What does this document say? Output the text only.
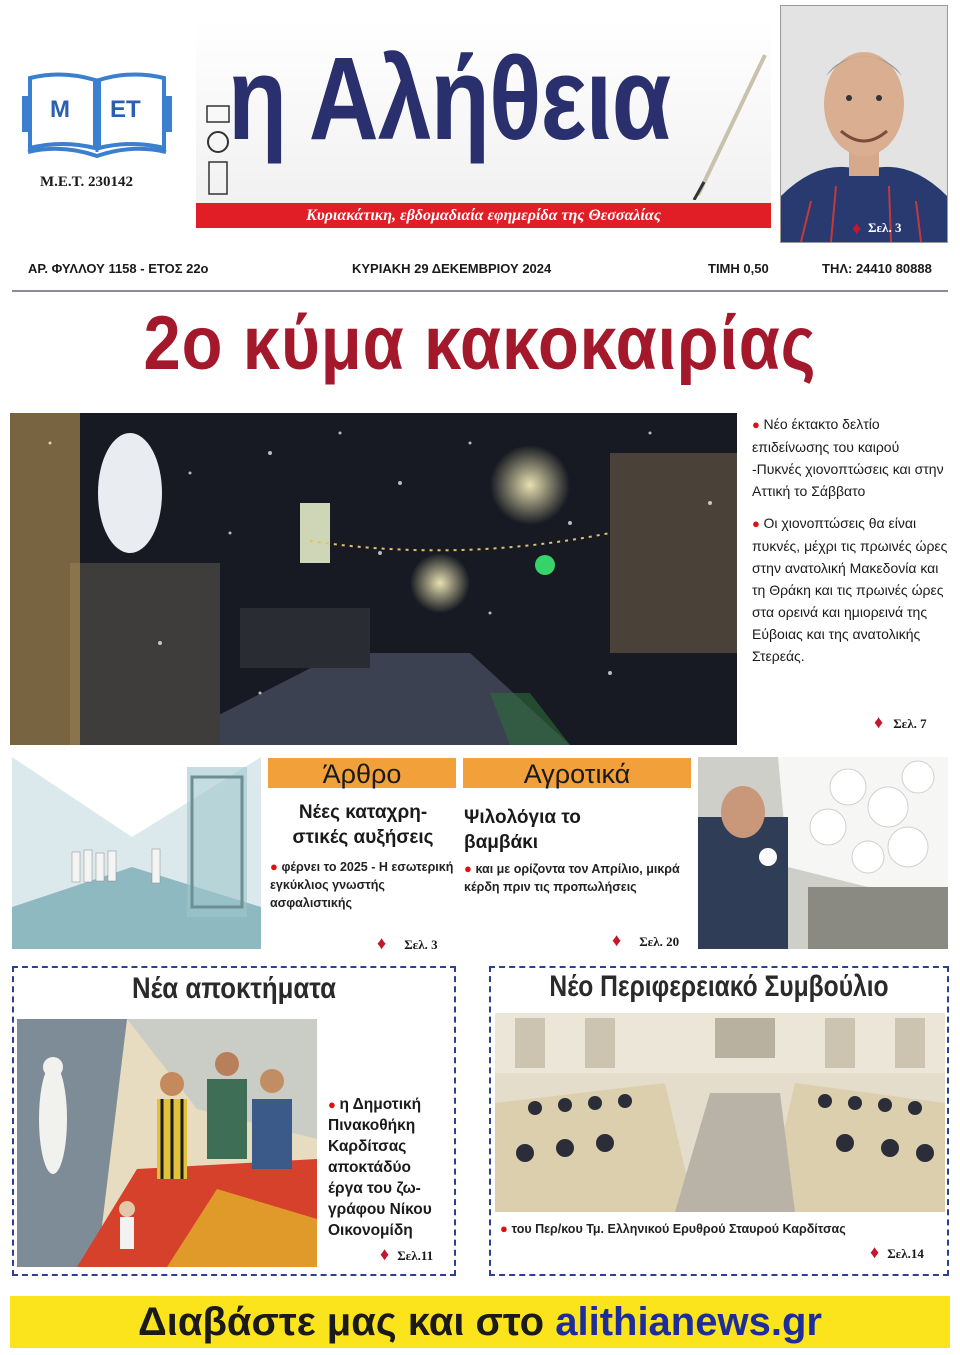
M ET
Μ.Ε.Τ. 230142
η Αλήθεια
Κυριακάτικη, εβδομαδιαία εφημερίδα της Θεσσαλίας
♦ Σελ. 3
ΑΡ. ΦΥΛΛΟΥ 1158 - ΕΤΟΣ 22ο	ΚΥΡΙΑΚΗ 29 ΔΕΚΕΜΒΡΙΟΥ 2024	ΤΙΜΗ 0,50	ΤΗΛ: 24410 80888
2ο κύμα κακοκαιρίας

● Νέο έκτακτο δελτίο επιδείνωσης του καιρού -Πυκνές χιονοπτώσεις και στην Αττική το Σάββατο

● Οι χιονοπτώσεις θα είναι πυκνές, μέχρι τις πρωινές ώρες στην ανατολική Μακεδονία και τη Θράκη και τις πρωινές ώρες στα ορεινά και ημιορεινά της Εύβοιας και της ανατολικής Στερεάς.

♦ Σελ. 7
Άρθρο
Νέες καταχρη-
στικές αυξήσεις
● φέρνει το 2025 - Η εσωτερική εγκύκλιος γνωστής ασφαλιστικής
♦ Σελ. 3
Αγροτικά
Ψιλολόγια το
βαμβάκι
● και με ορίζοντα τον Απρίλιο, μικρά κέρδη πριν τις προπωλήσεις
♦ Σελ. 20
Νέα αποκτήματα
● η Δημοτική
Πινακοθήκη
Καρδίτσας
αποκτάδύο
έργα του ζω-
γράφου Νίκου
Οικονομίδη
♦ Σελ.11
Νέο Περιφερειακό Συμβούλιο
● του Περ/κου Τμ. Ελληνικού Ερυθρού Σταυρού Καρδίτσας
♦ Σελ.14
Διαβάστε μας και στο alithianews.gr
